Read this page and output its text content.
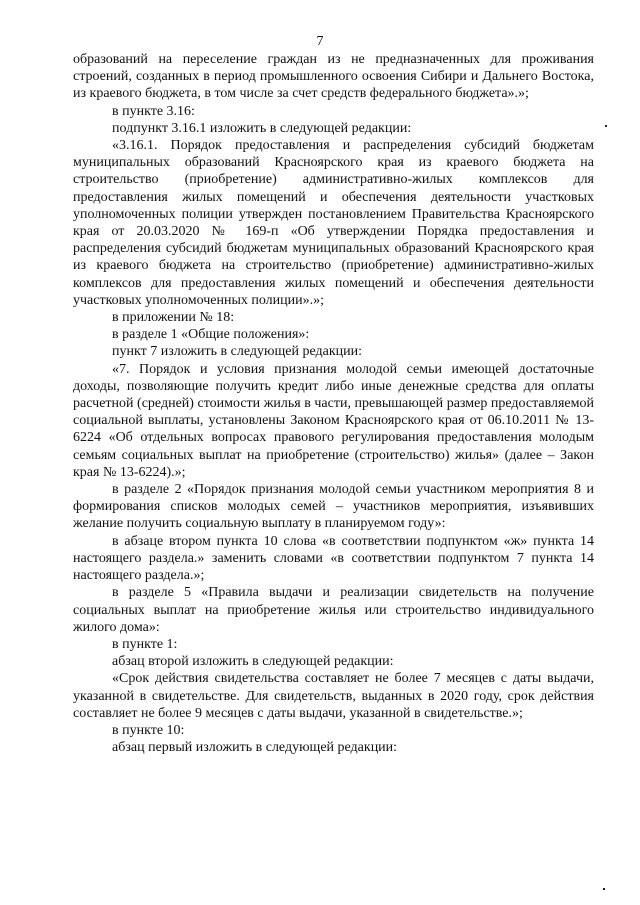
7

образований на переселение граждан из не предназначенных для проживания строений, созданных в период промышленного освоения Сибири и Дальнего Востока, из краевого бюджета, в том числе за счет средств федерального бюджета».»;

в пункте 3.16:

подпункт 3.16.1 изложить в следующей редакции:

«3.16.1. Порядок предоставления и распределения субсидий бюджетам муниципальных образований Красноярского края из краевого бюджета на строительство (приобретение) административно-жилых комплексов для предоставления жилых помещений и обеспечения деятельности участковых уполномоченных полиции утвержден постановлением Правительства Красноярского края от 20.03.2020 № 169-п «Об утверждении Порядка предоставления и распределения субсидий бюджетам муниципальных образований Красноярского края из краевого бюджета на строительство (приобретение) административно-жилых комплексов для предоставления жилых помещений и обеспечения деятельности участковых уполномоченных полиции».»;

в приложении № 18:

в разделе 1 «Общие положения»:

пункт 7 изложить в следующей редакции:

«7. Порядок и условия признания молодой семьи имеющей достаточные доходы, позволяющие получить кредит либо иные денежные средства для оплаты расчетной (средней) стоимости жилья в части, превышающей размер предоставляемой социальной выплаты, установлены Законом Красноярского края от 06.10.2011 № 13-6224 «Об отдельных вопросах правового регулирования предоставления молодым семьям социальных выплат на приобретение (строительство) жилья» (далее – Закон края № 13-6224).»;

в разделе 2 «Порядок признания молодой семьи участником мероприятия 8 и формирования списков молодых семей – участников мероприятия, изъявивших желание получить социальную выплату в планируемом году»:

в абзаце втором пункта 10 слова «в соответствии подпунктом «ж» пункта 14 настоящего раздела.» заменить словами «в соответствии подпунктом 7 пункта 14 настоящего раздела.»;

в разделе 5 «Правила выдачи и реализации свидетельств на получение социальных выплат на приобретение жилья или строительство индивидуального жилого дома»:

в пункте 1:

абзац второй изложить в следующей редакции:

«Срок действия свидетельства составляет не более 7 месяцев с даты выдачи, указанной в свидетельстве. Для свидетельств, выданных в 2020 году, срок действия составляет не более 9 месяцев с даты выдачи, указанной в свидетельстве.»;

в пункте 10:

абзац первый изложить в следующей редакции:
